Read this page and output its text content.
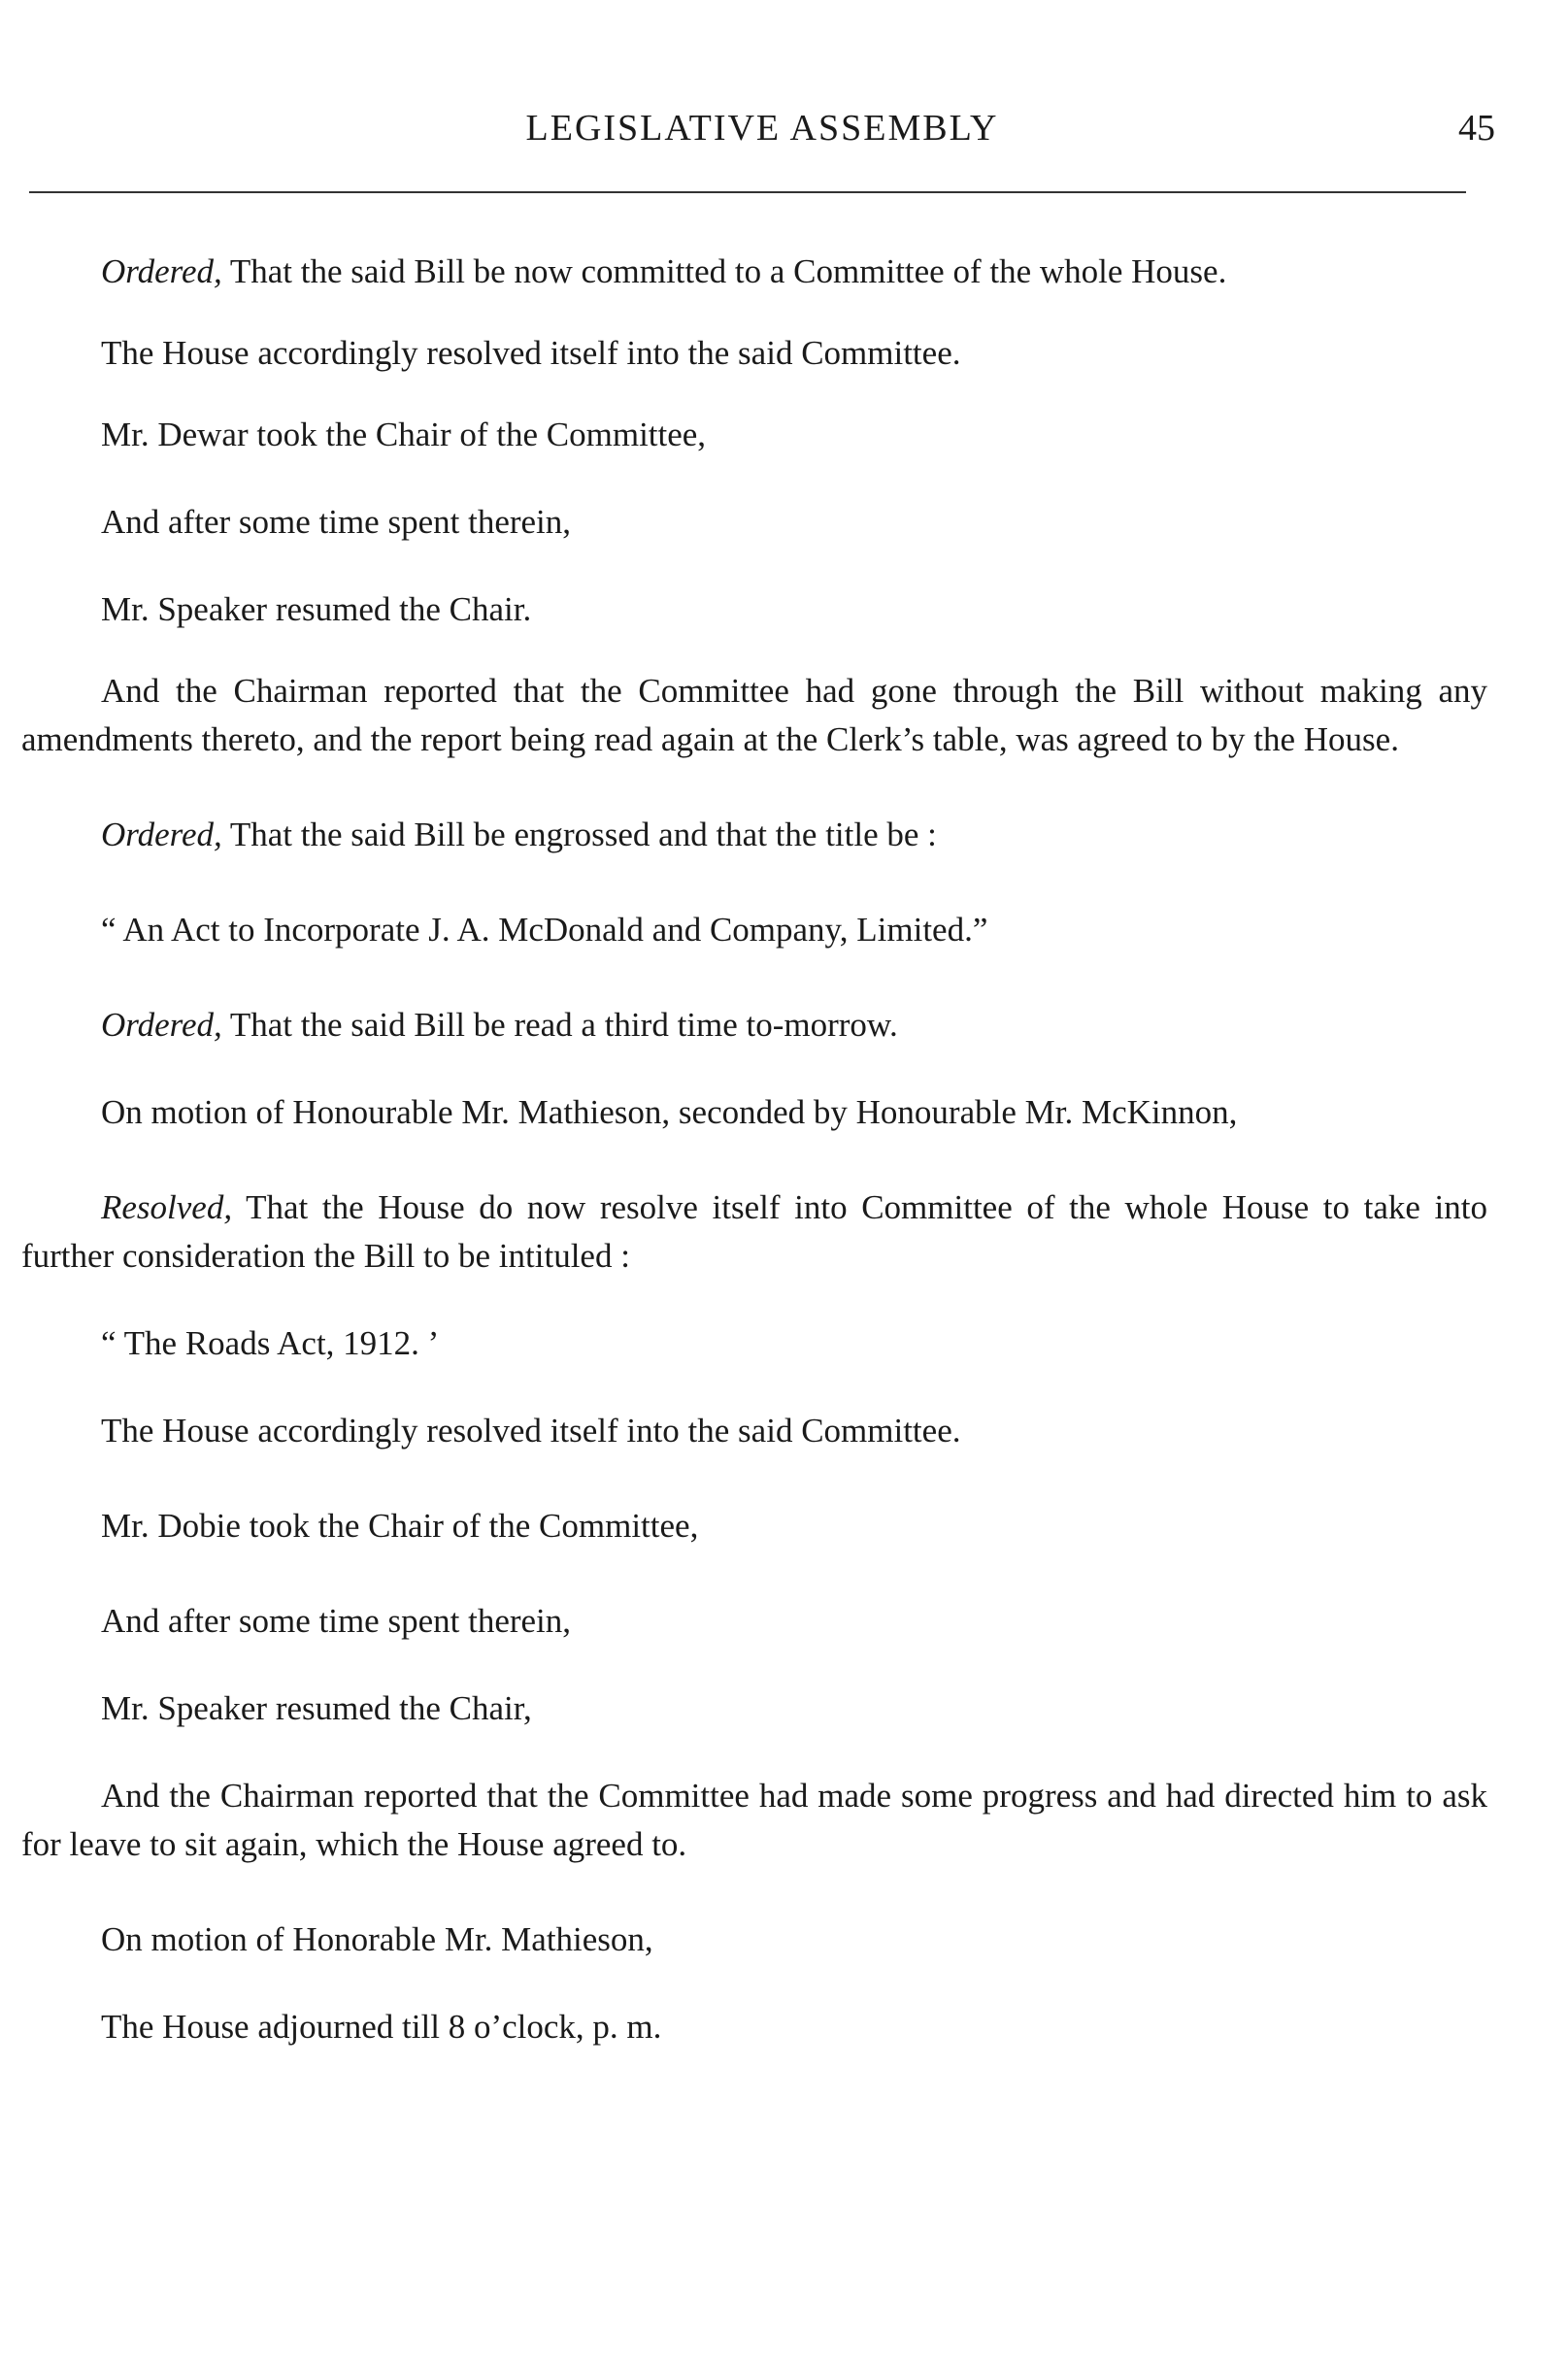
LEGISLATIVE ASSEMBLY	45

Ordered, That the said Bill be now committed to a Committee of the whole House.

The House accordingly resolved itself into the said Committee.

Mr. Dewar took the Chair of the Committee,

And after some time spent therein,

Mr. Speaker resumed the Chair.

And the Chairman reported that the Committee had gone through the Bill without making any amendments thereto, and the report being read again at the Clerk’s table, was agreed to by the House.

Ordered, That the said Bill be engrossed and that the title be :

“ An Act to Incorporate J. A. McDonald and Company, Limited.”

Ordered, That the said Bill be read a third time to-morrow.

On motion of Honourable Mr. Mathieson, seconded by Honourable Mr. McKinnon,

Resolved, That the House do now resolve itself into Committee of the whole House to take into further consideration the Bill to be intituled :

“ The Roads Act, 1912. ’

The House accordingly resolved itself into the said Committee.

Mr. Dobie took the Chair of the Committee,

And after some time spent therein,

Mr. Speaker resumed the Chair,

And the Chairman reported that the Committee had made some progress and had directed him to ask for leave to sit again, which the House agreed to.

On motion of Honorable Mr. Mathieson,

The House adjourned till 8 o’clock, p. m.
